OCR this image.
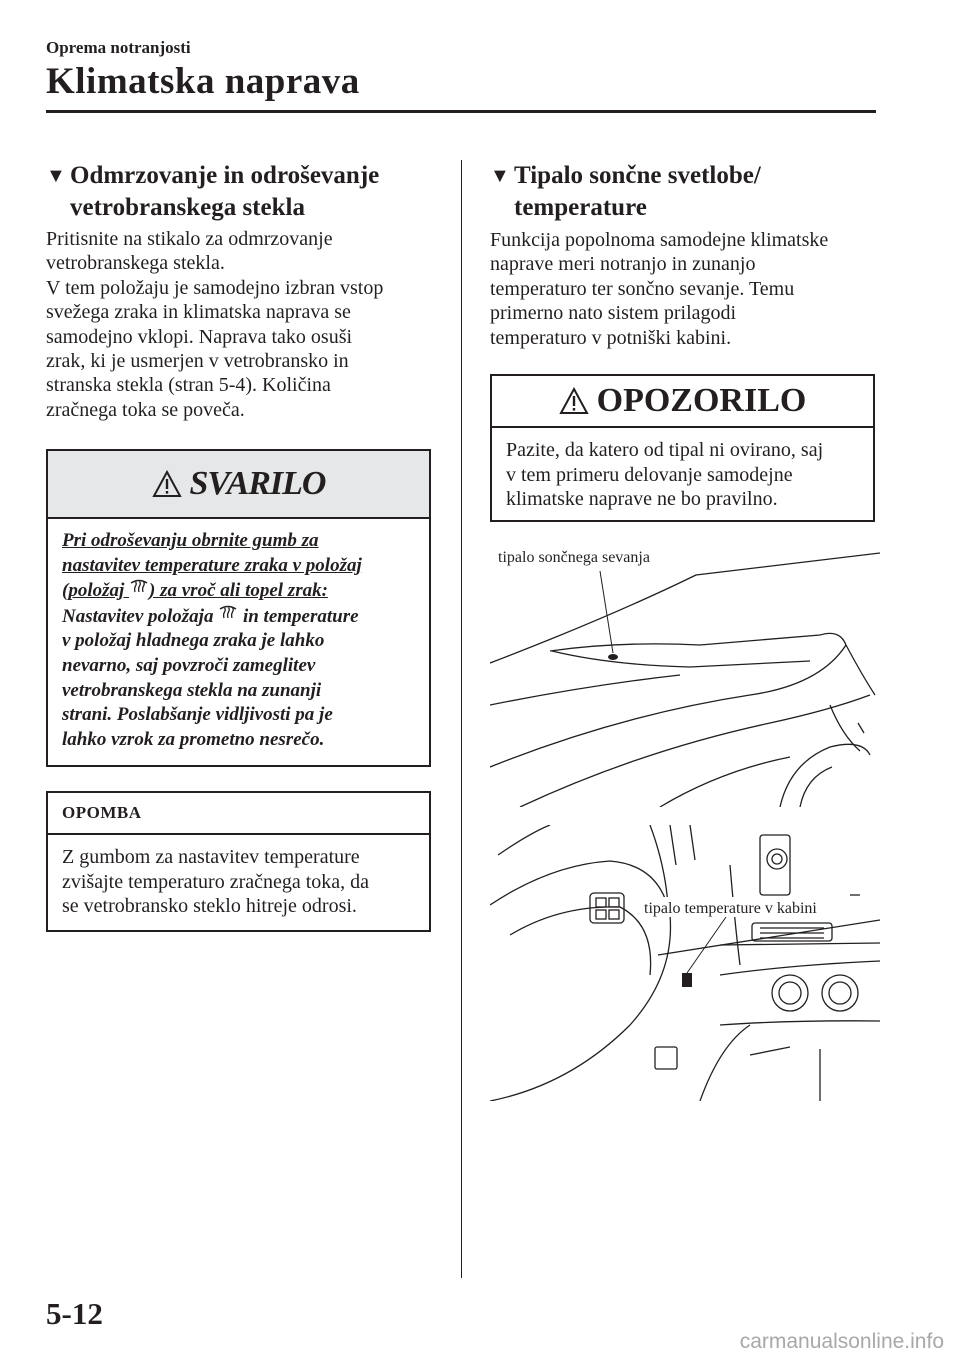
Oprema notranjosti
Klimatska naprava
▼ Odmrzovanje in odroševanje
vetrobranskega stekla
Pritisnite na stikalo za odmrzovanje
vetrobranskega stekla.
V tem položaju je samodejno izbran vstop
svežega zraka in klimatska naprava se
samodejno vklopi. Naprava tako osuši
zrak, ki je usmerjen v vetrobransko in
stranska stekla (stran 5-4). Količina
zračnega toka se poveča.
SVARILO
Pri odroševanju obrnite gumb za
nastavitev temperature zraka v položaj
(položaj ) za vroč ali topel zrak:
Nastavitev položaja  in temperature
v položaj hladnega zraka je lahko
nevarno, saj povzroči zameglitev
vetrobranskega stekla na zunanji
strani. Poslabšanje vidljivosti pa je
lahko vzrok za prometno nesrečo.
OPOMBA
Z gumbom za nastavitev temperature
zvišajte temperaturo zračnega toka, da
se vetrobransko steklo hitreje odrosi.
▼ Tipalo sončne svetlobe/
temperature
Funkcija popolnoma samodejne klimatske
naprave meri notranjo in zunanjo
temperaturo ter sončno sevanje. Temu
primerno nato sistem prilagodi
temperaturo v potniški kabini.
OPOZORILO
Pazite, da katero od tipal ni ovirano, saj
v tem primeru delovanje samodejne
klimatske naprave ne bo pravilno.
tipalo sončnega sevanja
tipalo temperature v kabini
5-12
carmanualsonline.info
